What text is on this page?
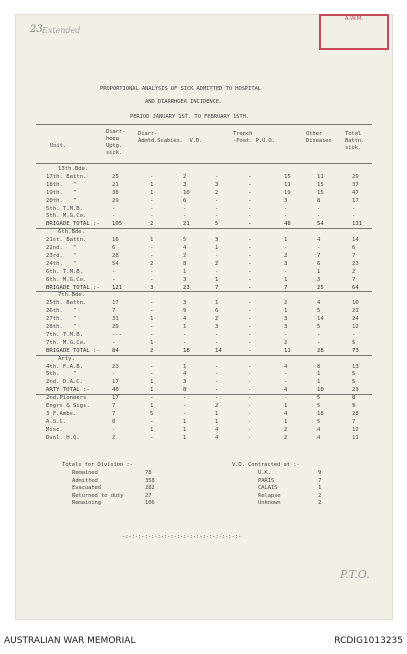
23 Extended
A.W.M.
PROPORTIONAL ANALYSIS OF SICK ADMITTED TO HOSPITAL
AND DIARRHOEA INCIDENCE.
PERIOD JANUARY 1ST. TO FEBRUARY 15TH.
Diarr-
hoea
Uptg.
sick.
Diarr-
Admtd.Scabies.  V.D.
Trench
-Foot. P.U.O.
Other
Diseases
Total
Battn.
sick.
13th.Bde.
17th. Battn.	25	-	2	-	-	15	11	29
18th.   "	21	1	3	3	-	11	15	37
19th.   "	38	1	10	2	-	19	15	47
20th.   "	29	-	6	-	-	3	8	17
5th. T.M.B.	-	-	-	-	-	-	-	-
5th. M.G.Co.	-	-	-	-	-	-	-	-
BRIGADE TOTAL :- 105	2	21	5	-	48	54	131
6th.Bde.
21st. Battn.	16	1	5	3	-	1	4	14
22nd.   "	6	-	4	1	-	-	-	6
23rd.   "	28	-	2	-	-	2	7	7
24th.   "	54	2	8	2	-	3	6	23
6th. T.M.B.	-	-	1	-	-	-	1	2
6th. M.G.Co.	-	-	3	1	-	1	3	7
BRIGADE TOTAL :- 121	3	23	7	-	7	25	64
7th.Bde.
25th. Battn.	17	-	3	1	-	2	4	10
26th.   "	7	-	9	6	-	1	5	21
27th.   "	31	1	4	2	-	3	14	24
28th.   "	29	-	1	3	-	3	5	12
7th. T.M.B.	---	-	-	-	-	-	-	-
7th. M.G.Co.	-	1	-	-	-	2	-	5
BRIGADE TOTAL :- 84	2	18	14	-	11	28	73
Arty.
4th. F.A.B.	23	-	1	-	-	4	8	13
5th.    "	-	-	4	-	-	-	1	5
2nd. D.A.C.	17	1	3	-	-	-	1	5
ARTY TOTAL :-	40	1	8	-	-	4	10	23
2nd.Pioneers	17	-	-	-	-	-	5	8
Engrs & Sigs.	7	1	-	2	-	1	5	9
3 F.Ambs.	7	5	-	1	-	4	18	28
A.S.C.	8	-	1	1	-	1	5	7
Misc.	-	1	1	4	-	2	4	12
Dvnl. H.Q.	2	-	1	4	-	2	4	11
Totals for Division :-	V.D. Contracted at :-
Remained	78
Admitted	358
Evacuated	282
Returned to duty	27
Remaining	106
U.K.	9
PARIS	7
CALAIS	1
Relapse	2
Unknown	2
-:-:-:-:-:-:-:-:-:-:-:-:-:-:-:-:-:-:-
P.T.O.
AUSTRALIAN WAR MEMORIAL	RCDIG1013235
Unit.
